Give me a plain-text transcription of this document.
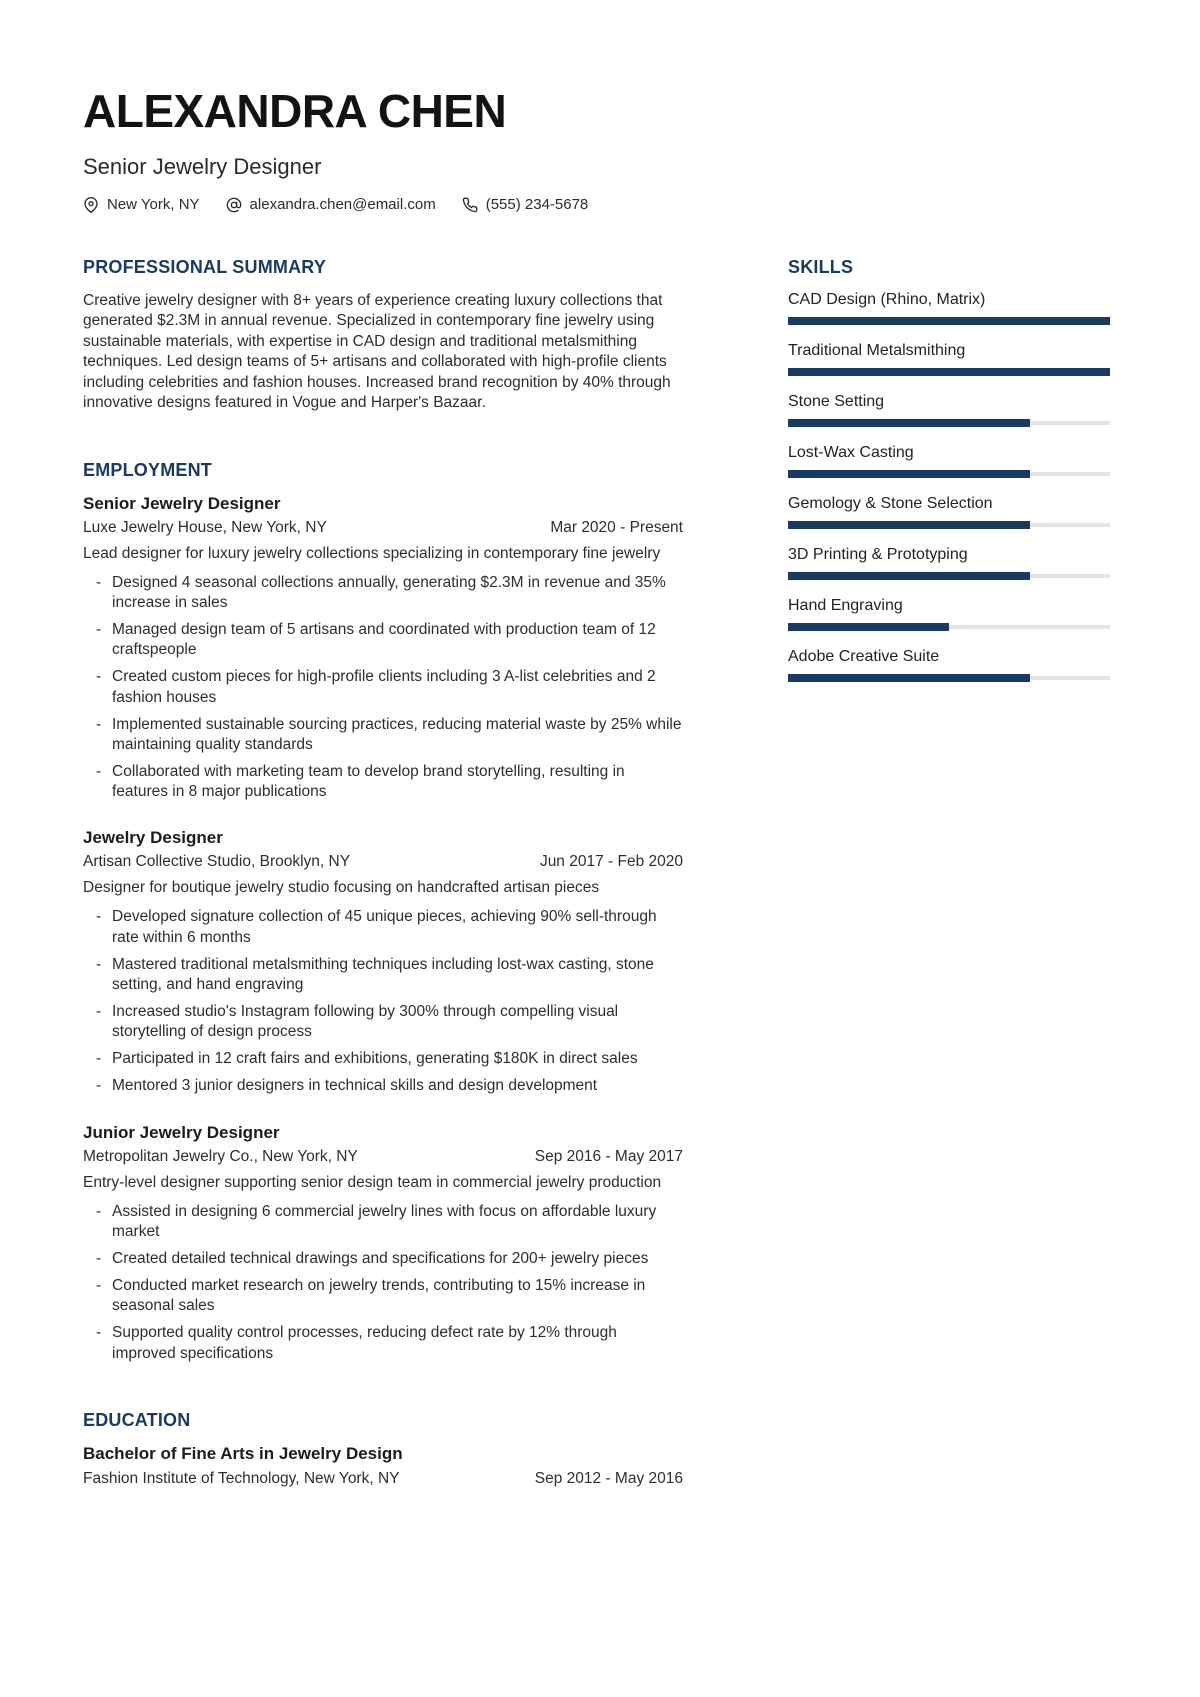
ALEXANDRA CHEN
Senior Jewelry Designer
New York, NY	alexandra.chen@email.com	(555) 234-5678
PROFESSIONAL SUMMARY

Creative jewelry designer with 8+ years of experience creating luxury collections that generated $2.3M in annual revenue. Specialized in contemporary fine jewelry using sustainable materials, with expertise in CAD design and traditional metalsmithing techniques. Led design teams of 5+ artisans and collaborated with high-profile clients including celebrities and fashion houses. Increased brand recognition by 40% through innovative designs featured in Vogue and Harper's Bazaar.

EMPLOYMENT
Senior Jewelry Designer
Luxe Jewelry House, New York, NY	Mar 2020 - Present
Lead designer for luxury jewelry collections specializing in contemporary fine jewelry
- Designed 4 seasonal collections annually, generating $2.3M in revenue and 35% increase in sales
- Managed design team of 5 artisans and coordinated with production team of 12 craftspeople
- Created custom pieces for high-profile clients including 3 A-list celebrities and 2 fashion houses
- Implemented sustainable sourcing practices, reducing material waste by 25% while maintaining quality standards
- Collaborated with marketing team to develop brand storytelling, resulting in features in 8 major publications
Jewelry Designer
Artisan Collective Studio, Brooklyn, NY	Jun 2017 - Feb 2020
Designer for boutique jewelry studio focusing on handcrafted artisan pieces
- Developed signature collection of 45 unique pieces, achieving 90% sell-through rate within 6 months
- Mastered traditional metalsmithing techniques including lost-wax casting, stone setting, and hand engraving
- Increased studio's Instagram following by 300% through compelling visual storytelling of design process
- Participated in 12 craft fairs and exhibitions, generating $180K in direct sales
- Mentored 3 junior designers in technical skills and design development
Junior Jewelry Designer
Metropolitan Jewelry Co., New York, NY	Sep 2016 - May 2017
Entry-level designer supporting senior design team in commercial jewelry production
- Assisted in designing 6 commercial jewelry lines with focus on affordable luxury market
- Created detailed technical drawings and specifications for 200+ jewelry pieces
- Conducted market research on jewelry trends, contributing to 15% increase in seasonal sales
- Supported quality control processes, reducing defect rate by 12% through improved specifications
EDUCATION
Bachelor of Fine Arts in Jewelry Design
Fashion Institute of Technology, New York, NY	Sep 2012 - May 2016
SKILLS
CAD Design (Rhino, Matrix)
Traditional Metalsmithing
Stone Setting
Lost-Wax Casting
Gemology & Stone Selection
3D Printing & Prototyping
Hand Engraving
Adobe Creative Suite
